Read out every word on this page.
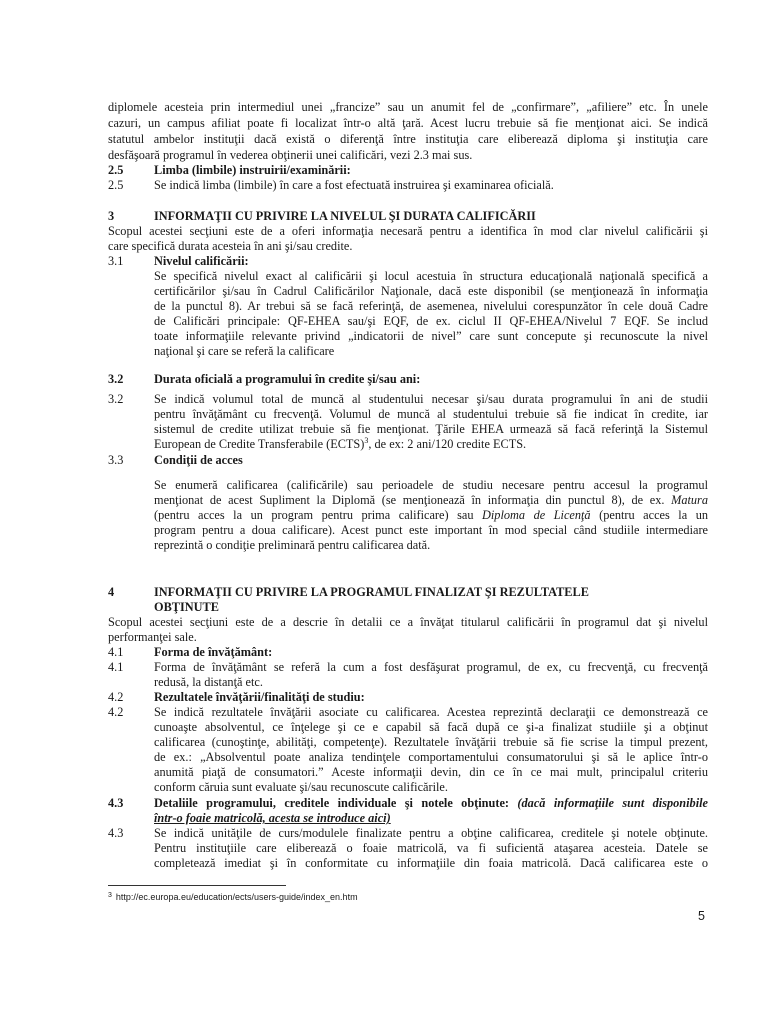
diplomele acesteia prin intermediul unei „francize” sau un anumit fel de „confirmare”, „afiliere” etc. În unele
cazuri, un campus afiliat poate fi localizat într-o altă ţară. Acest lucru trebuie să fie menţionat aici. Se indică
statutul ambelor instituţii dacă există o diferenţă între instituţia care eliberează diploma şi instituţia care
desfăşoară programul în vederea obţinerii unei calificări, vezi 2.3 mai sus.
2.5 Limba (limbile) instruirii/examinării:
2.5 Se indică limba (limbile) în care a fost efectuată instruirea şi examinarea oficială.
3	INFORMAŢII CU PRIVIRE LA NIVELUL ŞI DURATA CALIFICĂRII
Scopul acestei secţiuni este de a oferi informaţia necesară pentru a identifica în mod clar nivelul calificării şi
care specifică durata acesteia în ani şi/sau credite.
3.1 Nivelul calificării:
Se specifică nivelul exact al calificării şi locul acestuia în structura educaţională naţională specifică a
certificărilor şi/sau în Cadrul Calificărilor Naţionale, dacă este disponibil (se menţionează în informaţia
de la punctul 8). Ar trebui să se facă referinţă, de asemenea, nivelului corespunzător în cele două Cadre
de Calificări principale: QF-EHEA sau/şi EQF, de ex. ciclul II QF-EHEA/Nivelul 7 EQF. Se includ
toate informaţiile relevante privind „indicatorii de nivel” care sunt concepute şi recunoscute la nivel
naţional şi care se referă la calificare
3.2 Durata oficială a programului în credite şi/sau ani:
3.2 Se indică volumul total de muncă al studentului necesar şi/sau durata programului în ani de studii
pentru învăţământ cu frecvenţă. Volumul de muncă al studentului trebuie să fie indicat în credite, iar
sistemul de credite utilizat trebuie să fie menţionat. Ţările EHEA urmează să facă referinţă la Sistemul
European de Credite Transferabile (ECTS)$^3$, de ex: 2 ani/120 credite ECTS.
3.3 Condiţii de acces
Se enumeră calificarea (calificările) sau perioadele de studiu necesare pentru accesul la programul
menţionat de acest Supliment la Diplomă (se menţionează în informaţia din punctul 8), de ex. Matura
(pentru acces la un program pentru prima calificare) sau Diploma de Licenţă (pentru acces la un
program pentru a doua calificare). Acest punct este important în mod special când studiile intermediare
reprezintă o condiţie preliminară pentru calificarea dată.
4	INFORMAŢII CU PRIVIRE LA PROGRAMUL FINALIZAT ŞI REZULTATELE
OBŢINUTE
Scopul acestei secţiuni este de a descrie în detalii ce a învăţat titularul calificării în programul dat şi nivelul
performanţei sale.
4.1 Forma de învăţământ:
4.1 Forma de învăţământ se referă la cum a fost desfăşurat programul, de ex, cu frecvenţă, cu frecvenţă
redusă, la distanţă etc.
4.2 Rezultatele învăţării/finalităţi de studiu:
4.2 Se indică rezultatele învăţării asociate cu calificarea. Acestea reprezintă declaraţii ce demonstrează ce
cunoaşte absolventul, ce înţelege şi ce e capabil să facă după ce şi-a finalizat studiile şi a obţinut
calificarea (cunoştinţe, abilităţi, competenţe). Rezultatele învăţării trebuie să fie scrise la timpul prezent,
de ex.: „Absolventul poate analiza tendinţele comportamentului consumatorului şi să le aplice într-o
anumită piaţă de consumatori.” Aceste informaţii devin, din ce în ce mai mult, principalul criteriu
conform căruia sunt evaluate şi/sau recunoscute calificările.
4.3 Detaliile programului, creditele individuale şi notele obţinute: (dacă informaţiile sunt disponibile
într-o foaie matricolă, acesta se introduce aici)
4.3 Se indică unităţile de curs/modulele finalizate pentru a obţine calificarea, creditele şi notele obţinute.
Pentru instituţiile care eliberează o foaie matricolă, va fi suficientă ataşarea acesteia. Datele se
completează imediat şi în conformitate cu informaţiile din foaia matricolă. Dacă calificarea este o
$^3$ http://ec.europa.eu/education/ects/users-guide/index_en.htm
5
